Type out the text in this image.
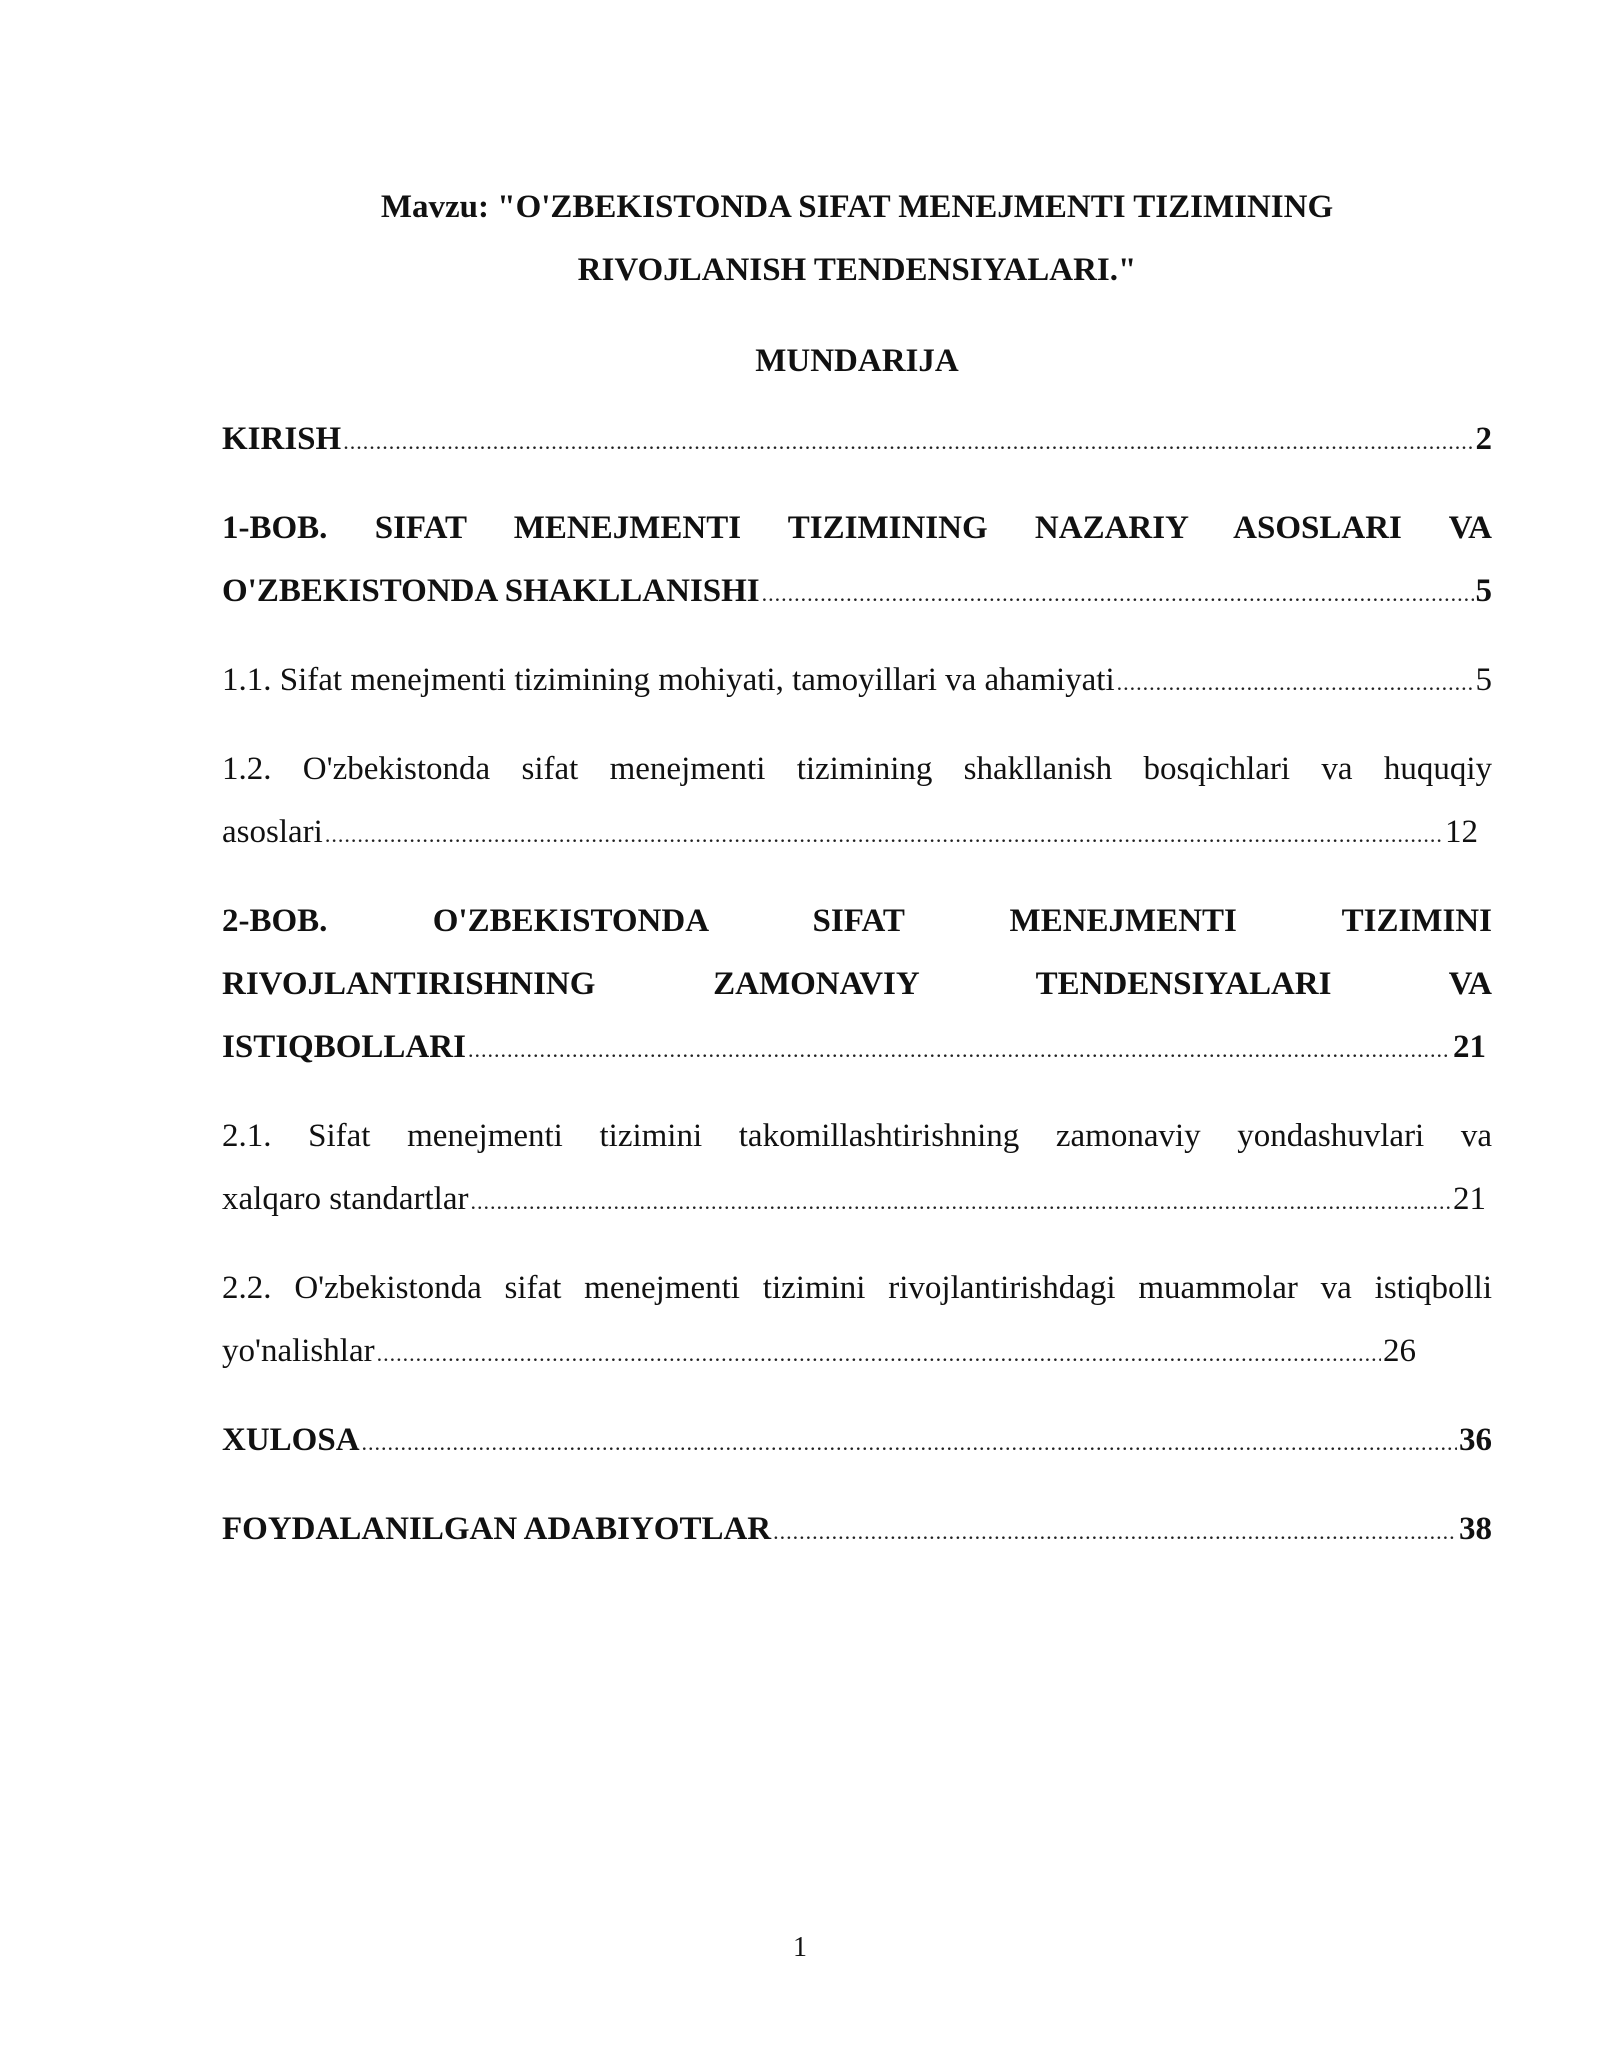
Mavzu: "O'ZBEKISTONDA SIFAT MENEJMENTI TIZIMINING
RIVOJLANISH TENDENSIYALARI."
MUNDARIJA
KIRISH .....	2
1-BOB. SIFAT MENEJMENTI TIZIMINING NAZARIY ASOSLARI VA
O'ZBEKISTONDA SHAKLLANISHI .....	5
1.1. Sifat menejmenti tizimining mohiyati, tamoyillari va ahamiyati .....	5
1.2. O'zbekistonda sifat menejmenti tizimining shakllanish bosqichlari va huquqiy
asoslari .....	12
2-BOB. O'ZBEKISTONDA SIFAT MENEJMENTI TIZIMINI
RIVOJLANTIRISHNING ZAMONAVIY TENDENSIYALARI VA
ISTIQBOLLARI .....	21
2.1. Sifat menejmenti tizimini takomillashtirishning zamonaviy yondashuvlari va
xalqaro standartlar .....	21
2.2. O'zbekistonda sifat menejmenti tizimini rivojlantirishdagi muammolar va istiqbolli
yo'nalishlar .....	26
XULOSA .....	36
FOYDALANILGAN ADABIYOTLAR .....	38
1
